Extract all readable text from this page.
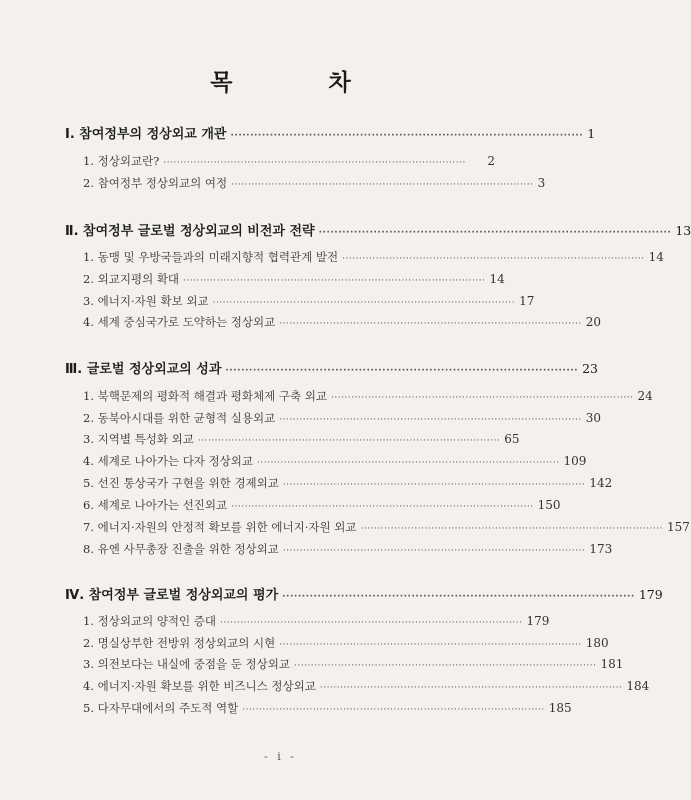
목 차
Ⅰ. 참여정부의 정상외교 개관 ·························································································· 1
1. 정상외교란? ··························································································	2
2. 참여정부 정상외교의 여정 ·························································································· 3
Ⅱ. 참여정부 글로벌 정상외교의 비전과 전략 ·························································································· 13
1. 동맹 및 우방국들과의 미래지향적 협력관계 발전 ·························································································· 14
2. 외교지평의 확대 ·························································································· 14
3. 에너지·자원 확보 외교 ·························································································· 17
4. 세계 중심국가로 도약하는 정상외교 ·························································································· 20
Ⅲ. 글로벌 정상외교의 성과 ·························································································· 23
1. 북핵문제의 평화적 해결과 평화체제 구축 외교 ·························································································· 24
2. 동북아시대를 위한 균형적 실용외교 ·························································································· 30
3. 지역별 특성화 외교 ·························································································· 65
4. 세계로 나아가는 다자 정상외교 ·························································································· 109
5. 선진 통상국가 구현을 위한 경제외교 ·························································································· 142
6. 세계로 나아가는 선진외교 ·························································································· 150
7. 에너지·자원의 안정적 확보를 위한 에너지·자원 외교 ·························································································· 157
8. 유엔 사무총장 진출을 위한 정상외교 ·························································································· 173
Ⅳ. 참여정부 글로벌 정상외교의 평가 ·························································································· 179
1. 정상외교의 양적인 증대 ·························································································· 179
2. 명실상부한 전방위 정상외교의 시현 ·························································································· 180
3. 의전보다는 내실에 중점을 둔 정상외교 ·························································································· 181
4. 에너지·자원 확보를 위한 비즈니스 정상외교 ·························································································· 184
5. 다자무대에서의 주도적 역할 ·························································································· 185
- i -
